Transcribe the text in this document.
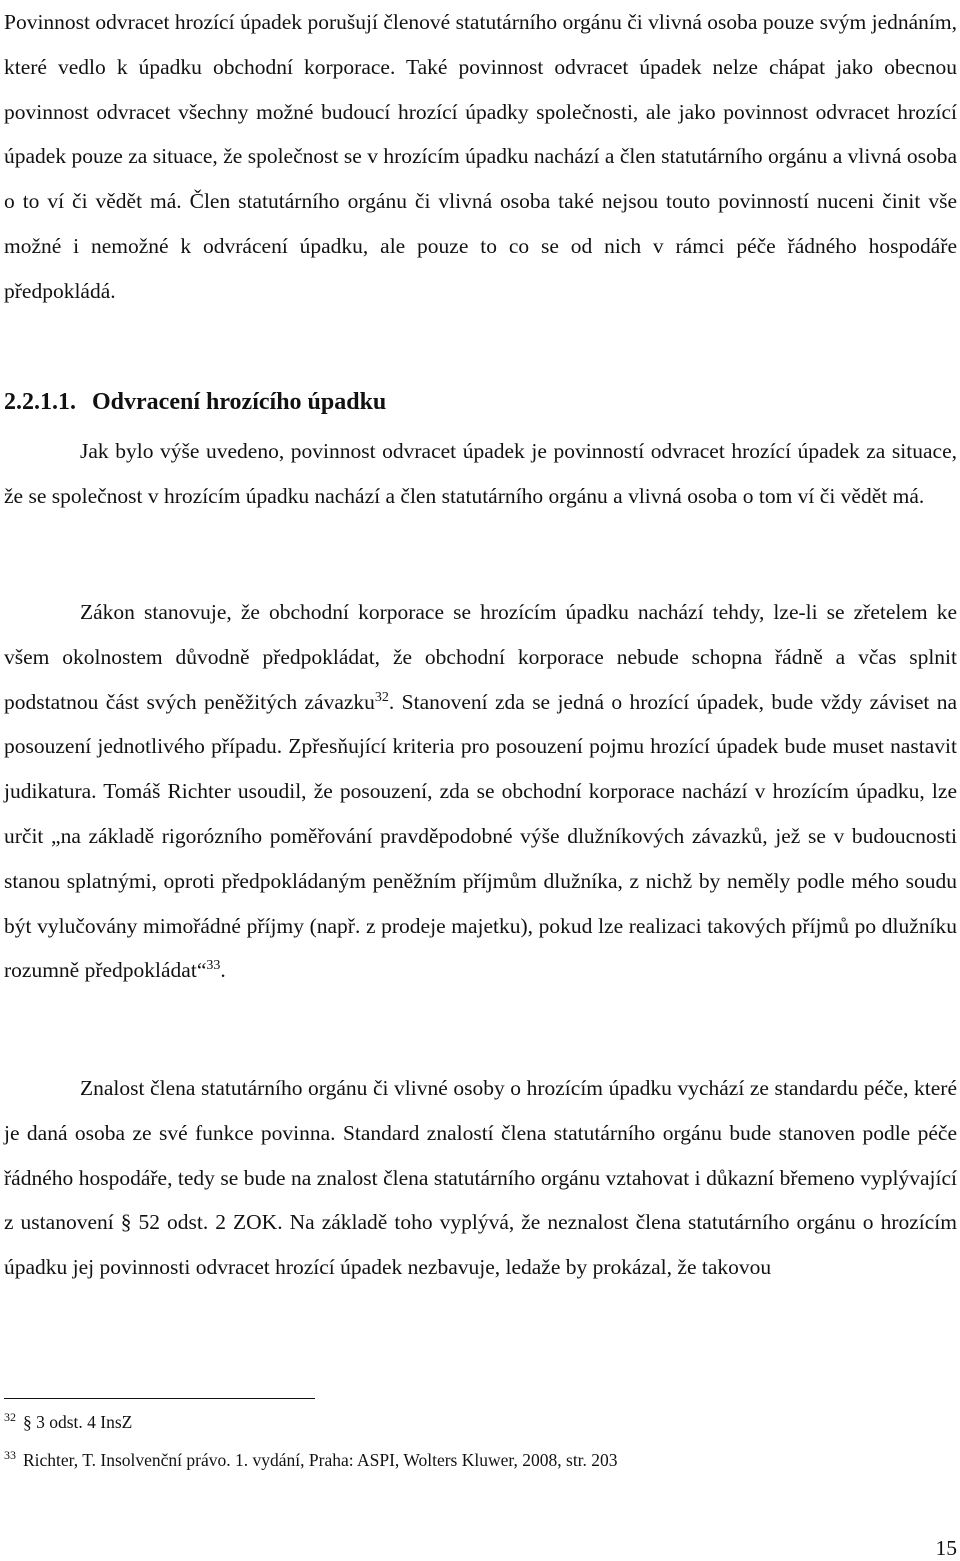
Povinnost odvracet hrozící úpadek porušují členové statutárního orgánu či vlivná osoba pouze svým jednáním, které vedlo k úpadku obchodní korporace. Také povinnost odvracet úpadek nelze chápat jako obecnou povinnost odvracet všechny možné budoucí hrozící úpadky společnosti, ale jako povinnost odvracet hrozící úpadek pouze za situace, že společnost se v hrozícím úpadku nachází a člen statutárního orgánu a vlivná osoba o to ví či vědět má. Člen statutárního orgánu či vlivná osoba také nejsou touto povinností nuceni činit vše možné i nemožné k odvrácení úpadku, ale pouze to co se od nich v rámci péče řádného hospodáře předpokládá.

2.2.1.1. Odvracení hrozícího úpadku

Jak bylo výše uvedeno, povinnost odvracet úpadek je povinností odvracet hrozící úpadek za situace, že se společnost v hrozícím úpadku nachází a člen statutárního orgánu a vlivná osoba o tom ví či vědět má.

Zákon stanovuje, že obchodní korporace se hrozícím úpadku nachází tehdy, lze-li se zřetelem ke všem okolnostem důvodně předpokládat, že obchodní korporace nebude schopna řádně a včas splnit podstatnou část svých peněžitých závazku$^{32}$. Stanovení zda se jedná o hrozící úpadek, bude vždy záviset na posouzení jednotlivého případu. Zpřesňující kriteria pro posouzení pojmu hrozící úpadek bude muset nastavit judikatura. Tomáš Richter usoudil, že posouzení, zda se obchodní korporace nachází v hrozícím úpadku, lze určit „na základě rigorózního poměřování pravděpodobné výše dlužníkových závazků, jež se v budoucnosti stanou splatnými, oproti předpokládaným peněžním příjmům dlužníka, z nichž by neměly podle mého soudu být vylučovány mimořádné příjmy (např. z prodeje majetku), pokud lze realizaci takových příjmů po dlužníku rozumně předpokládat“$^{33}$.

Znalost člena statutárního orgánu či vlivné osoby o hrozícím úpadku vychází ze standardu péče, které je daná osoba ze své funkce povinna. Standard znalostí člena statutárního orgánu bude stanoven podle péče řádného hospodáře, tedy se bude na znalost člena statutárního orgánu vztahovat i důkazní břemeno vyplývající z ustanovení § 52 odst. 2 ZOK. Na základě toho vyplývá, že neznalost člena statutárního orgánu o hrozícím úpadku jej povinnosti odvracet hrozící úpadek nezbavuje, ledaže by prokázal, že takovou

$^{32}$ § 3 odst. 4 InsZ

$^{33}$ Richter, T. Insolvenční právo. 1. vydání, Praha: ASPI, Wolters Kluwer, 2008, str. 203

15
